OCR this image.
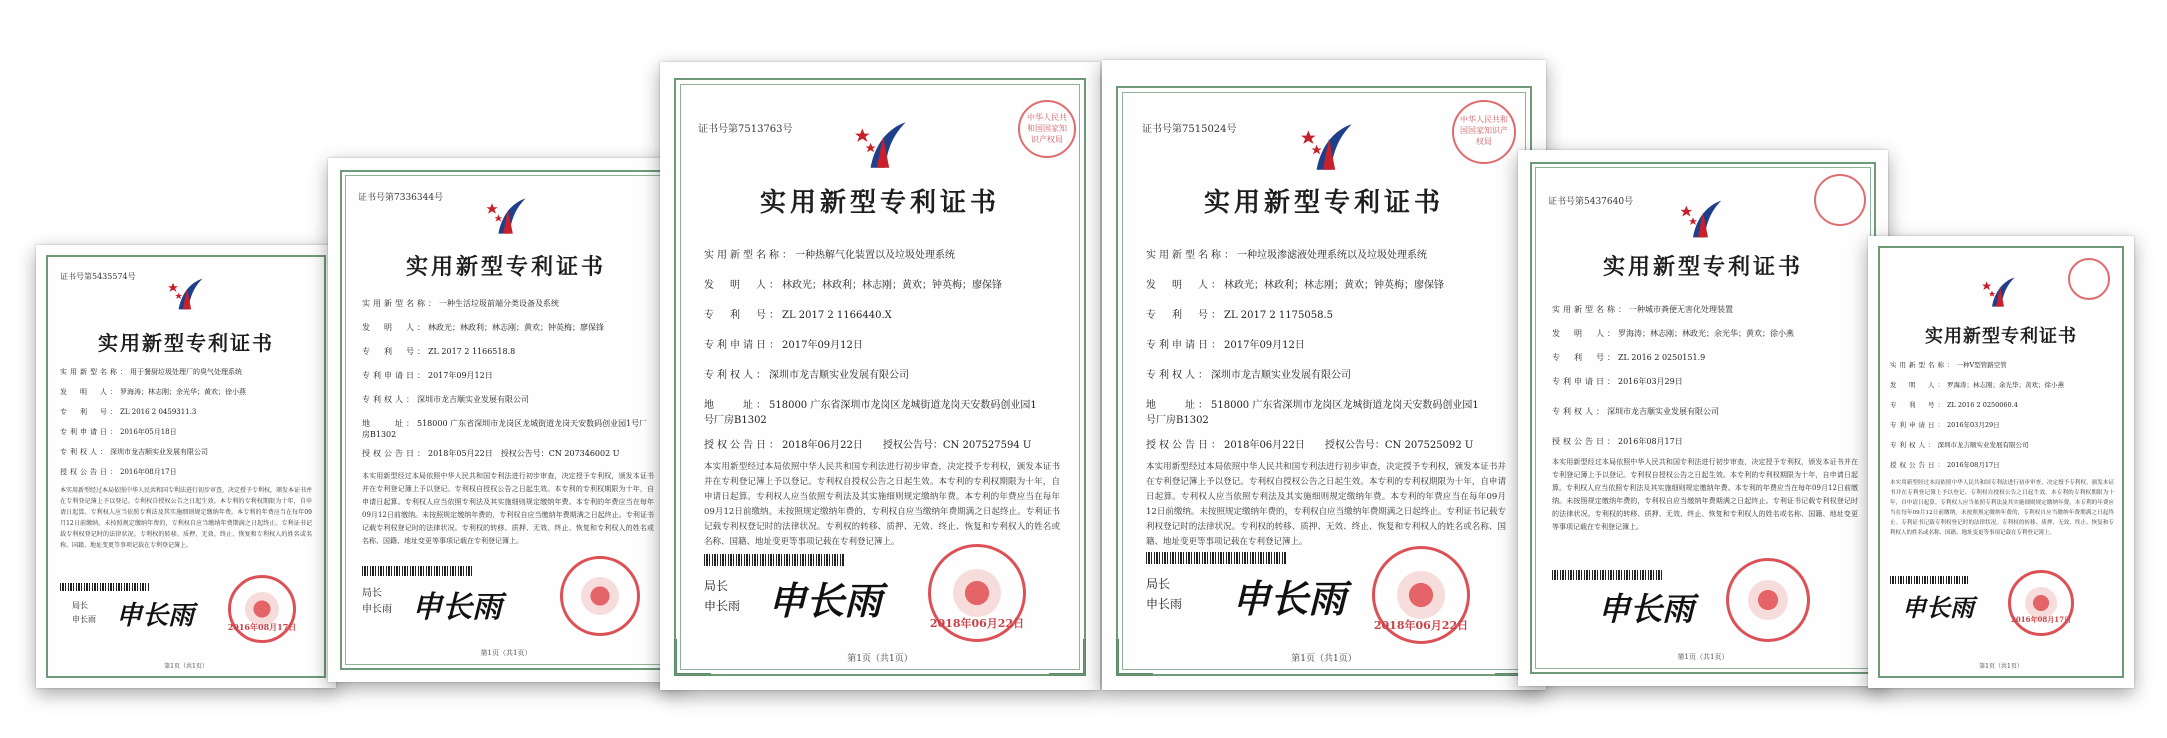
证书号第5435574号
实用新型专利证书
实用新型名称：用于餐厨垃圾处理厂的臭气处理系统
发　明　人：罗海涛；林志刚；余光华；黄欢；徐小燕
专　利　号：ZL 2016 2 0459311.3
专利申请日：2016年05月18日
专利权人：深圳市龙吉顺实业发展有限公司
授权公告日：2016年08月17日
本实用新型经过本局依照中华人民共和国专利法进行初步审查，决定授予专利权，颁发本证书并在专利登记簿上予以登记。专利权自授权公告之日起生效。本专利的专利权期限为十年，自申请日起算。专利权人应当依照专利法及其实施细则规定缴纳年费。本专利的年费应当在每年09月12日前缴纳。未按照规定缴纳年费的，专利权自应当缴纳年费期满之日起终止。专利证书记载专利权登记时的法律状况。专利权的转移、质押、无效、终止、恢复和专利权人的姓名或名称、国籍、地址变更等事项记载在专利登记簿上。
局长
申长雨 申长雨	2016年08月17日
第1页（共1页）
证书号第7336344号
实用新型专利证书
实用新型名称：一种生活垃圾前端分类设备及系统
发　明　人：林政光；林政利；林志刚；黄欢；钟英梅；廖保锋
专　利　号：ZL 2017 2 1166518.8
专利申请日：2017年09月12日
专利权人：深圳市龙吉顺实业发展有限公司
地　　址：518000 广东省深圳市龙岗区龙城街道龙岗天安数码创业园1号厂房B1302
授权公告日：2018年05月22日　 授权公告号：CN 207346002 U
本实用新型经过本局依照中华人民共和国专利法进行初步审查，决定授予专利权，颁发本证书并在专利登记簿上予以登记。专利权自授权公告之日起生效。本专利的专利权期限为十年，自申请日起算。专利权人应当依照专利法及其实施细则规定缴纳年费。本专利的年费应当在每年09月12日前缴纳。未按照规定缴纳年费的，专利权自应当缴纳年费期满之日起终止。专利证书记载专利权登记时的法律状况。专利权的转移、质押、无效、终止、恢复和专利权人的姓名或名称、国籍、地址变更等事项记载在专利登记簿上。
局长
申长雨 申长雨
第1页（共1页）
证书号第7513763号
中华人民共和国国家知识产权局
实用新型专利证书
实用新型名称：一种热解气化装置以及垃圾处理系统
发　明　人：林政光；林政利；林志刚；黄欢；钟英梅；廖保锋
专　利　号：ZL 2017 2 1166440.X
专利申请日：2017年09月12日
专利权人：深圳市龙吉顺实业发展有限公司
地　　址：518000 广东省深圳市龙岗区龙城街道龙岗天安数码创业园1号厂房B1302
授权公告日：2018年06月22日　　 授权公告号：CN 207527594 U
本实用新型经过本局依照中华人民共和国专利法进行初步审查，决定授予专利权，颁发本证书并在专利登记簿上予以登记。专利权自授权公告之日起生效。本专利的专利权期限为十年，自申请日起算。专利权人应当依照专利法及其实施细则规定缴纳年费。本专利的年费应当在每年09月12日前缴纳。未按照规定缴纳年费的，专利权自应当缴纳年费期满之日起终止。专利证书记载专利权登记时的法律状况。专利权的转移、质押、无效、终止、恢复和专利权人的姓名或名称、国籍、地址变更等事项记载在专利登记簿上。
局长
申长雨 申长雨
2018年06月22日
第1页（共1页）
证书号第7515024号
中华人民共和国国家知识产权局
实用新型专利证书
实用新型名称：一种垃圾渗滤液处理系统以及垃圾处理系统
发　明　人：林政光；林政利；林志刚；黄欢；钟英梅；廖保锋
专　利　号：ZL 2017 2 1175058.5
专利申请日：2017年09月12日
专利权人：深圳市龙吉顺实业发展有限公司
地　　址：518000 广东省深圳市龙岗区龙城街道龙岗天安数码创业园1号厂房B1302
授权公告日：2018年06月22日　　 授权公告号：CN 207525092 U
本实用新型经过本局依照中华人民共和国专利法进行初步审查，决定授予专利权，颁发本证书并在专利登记簿上予以登记。专利权自授权公告之日起生效。本专利的专利权期限为十年，自申请日起算。专利权人应当依照专利法及其实施细则规定缴纳年费。本专利的年费应当在每年09月12日前缴纳。未按照规定缴纳年费的，专利权自应当缴纳年费期满之日起终止。专利证书记载专利权登记时的法律状况。专利权的转移、质押、无效、终止、恢复和专利权人的姓名或名称、国籍、地址变更等事项记载在专利登记簿上。
局长
申长雨 申长雨
2018年06月22日
第1页（共1页）
证书号第5437640号
实用新型专利证书
实用新型名称：一种城市粪便无害化处理装置
发　明　人：罗海涛；林志刚；林政光；余光华；黄欢；徐小燕
专　利　号：ZL 2016 2 0250151.9
专利申请日：2016年03月29日
专利权人：深圳市龙吉顺实业发展有限公司
授权公告日：2016年08月17日
本实用新型经过本局依照中华人民共和国专利法进行初步审查，决定授予专利权，颁发本证书并在专利登记簿上予以登记。专利权自授权公告之日起生效。本专利的专利权期限为十年，自申请日起算。专利权人应当依照专利法及其实施细则规定缴纳年费。本专利的年费应当在每年09月12日前缴纳。未按照规定缴纳年费的，专利权自应当缴纳年费期满之日起终止。专利证书记载专利权登记时的法律状况。专利权的转移、质押、无效、终止、恢复和专利权人的姓名或名称、国籍、地址变更等事项记载在专利登记簿上。
申长雨
第1页（共1页）
实用新型专利证书
实用新型名称：一种V型管路空管
发　明　人：罗海涛；林志刚；余光华；黄欢；徐小燕
专　利　号：ZL 2016 2 0250060.4
专利申请日：2016年03月29日
专利权人：深圳市龙吉顺实业发展有限公司
授权公告日：2016年08月17日
本实用新型经过本局依照中华人民共和国专利法进行初步审查，决定授予专利权，颁发本证书并在专利登记簿上予以登记。专利权自授权公告之日起生效。本专利的专利权期限为十年，自申请日起算。专利权人应当依照专利法及其实施细则规定缴纳年费。本专利的年费应当在每年09月12日前缴纳。未按照规定缴纳年费的，专利权自应当缴纳年费期满之日起终止。专利证书记载专利权登记时的法律状况。专利权的转移、质押、无效、终止、恢复和专利权人的姓名或名称、国籍、地址变更等事项记载在专利登记簿上。
申长雨	2016年08月17日
第1页（共1页）
